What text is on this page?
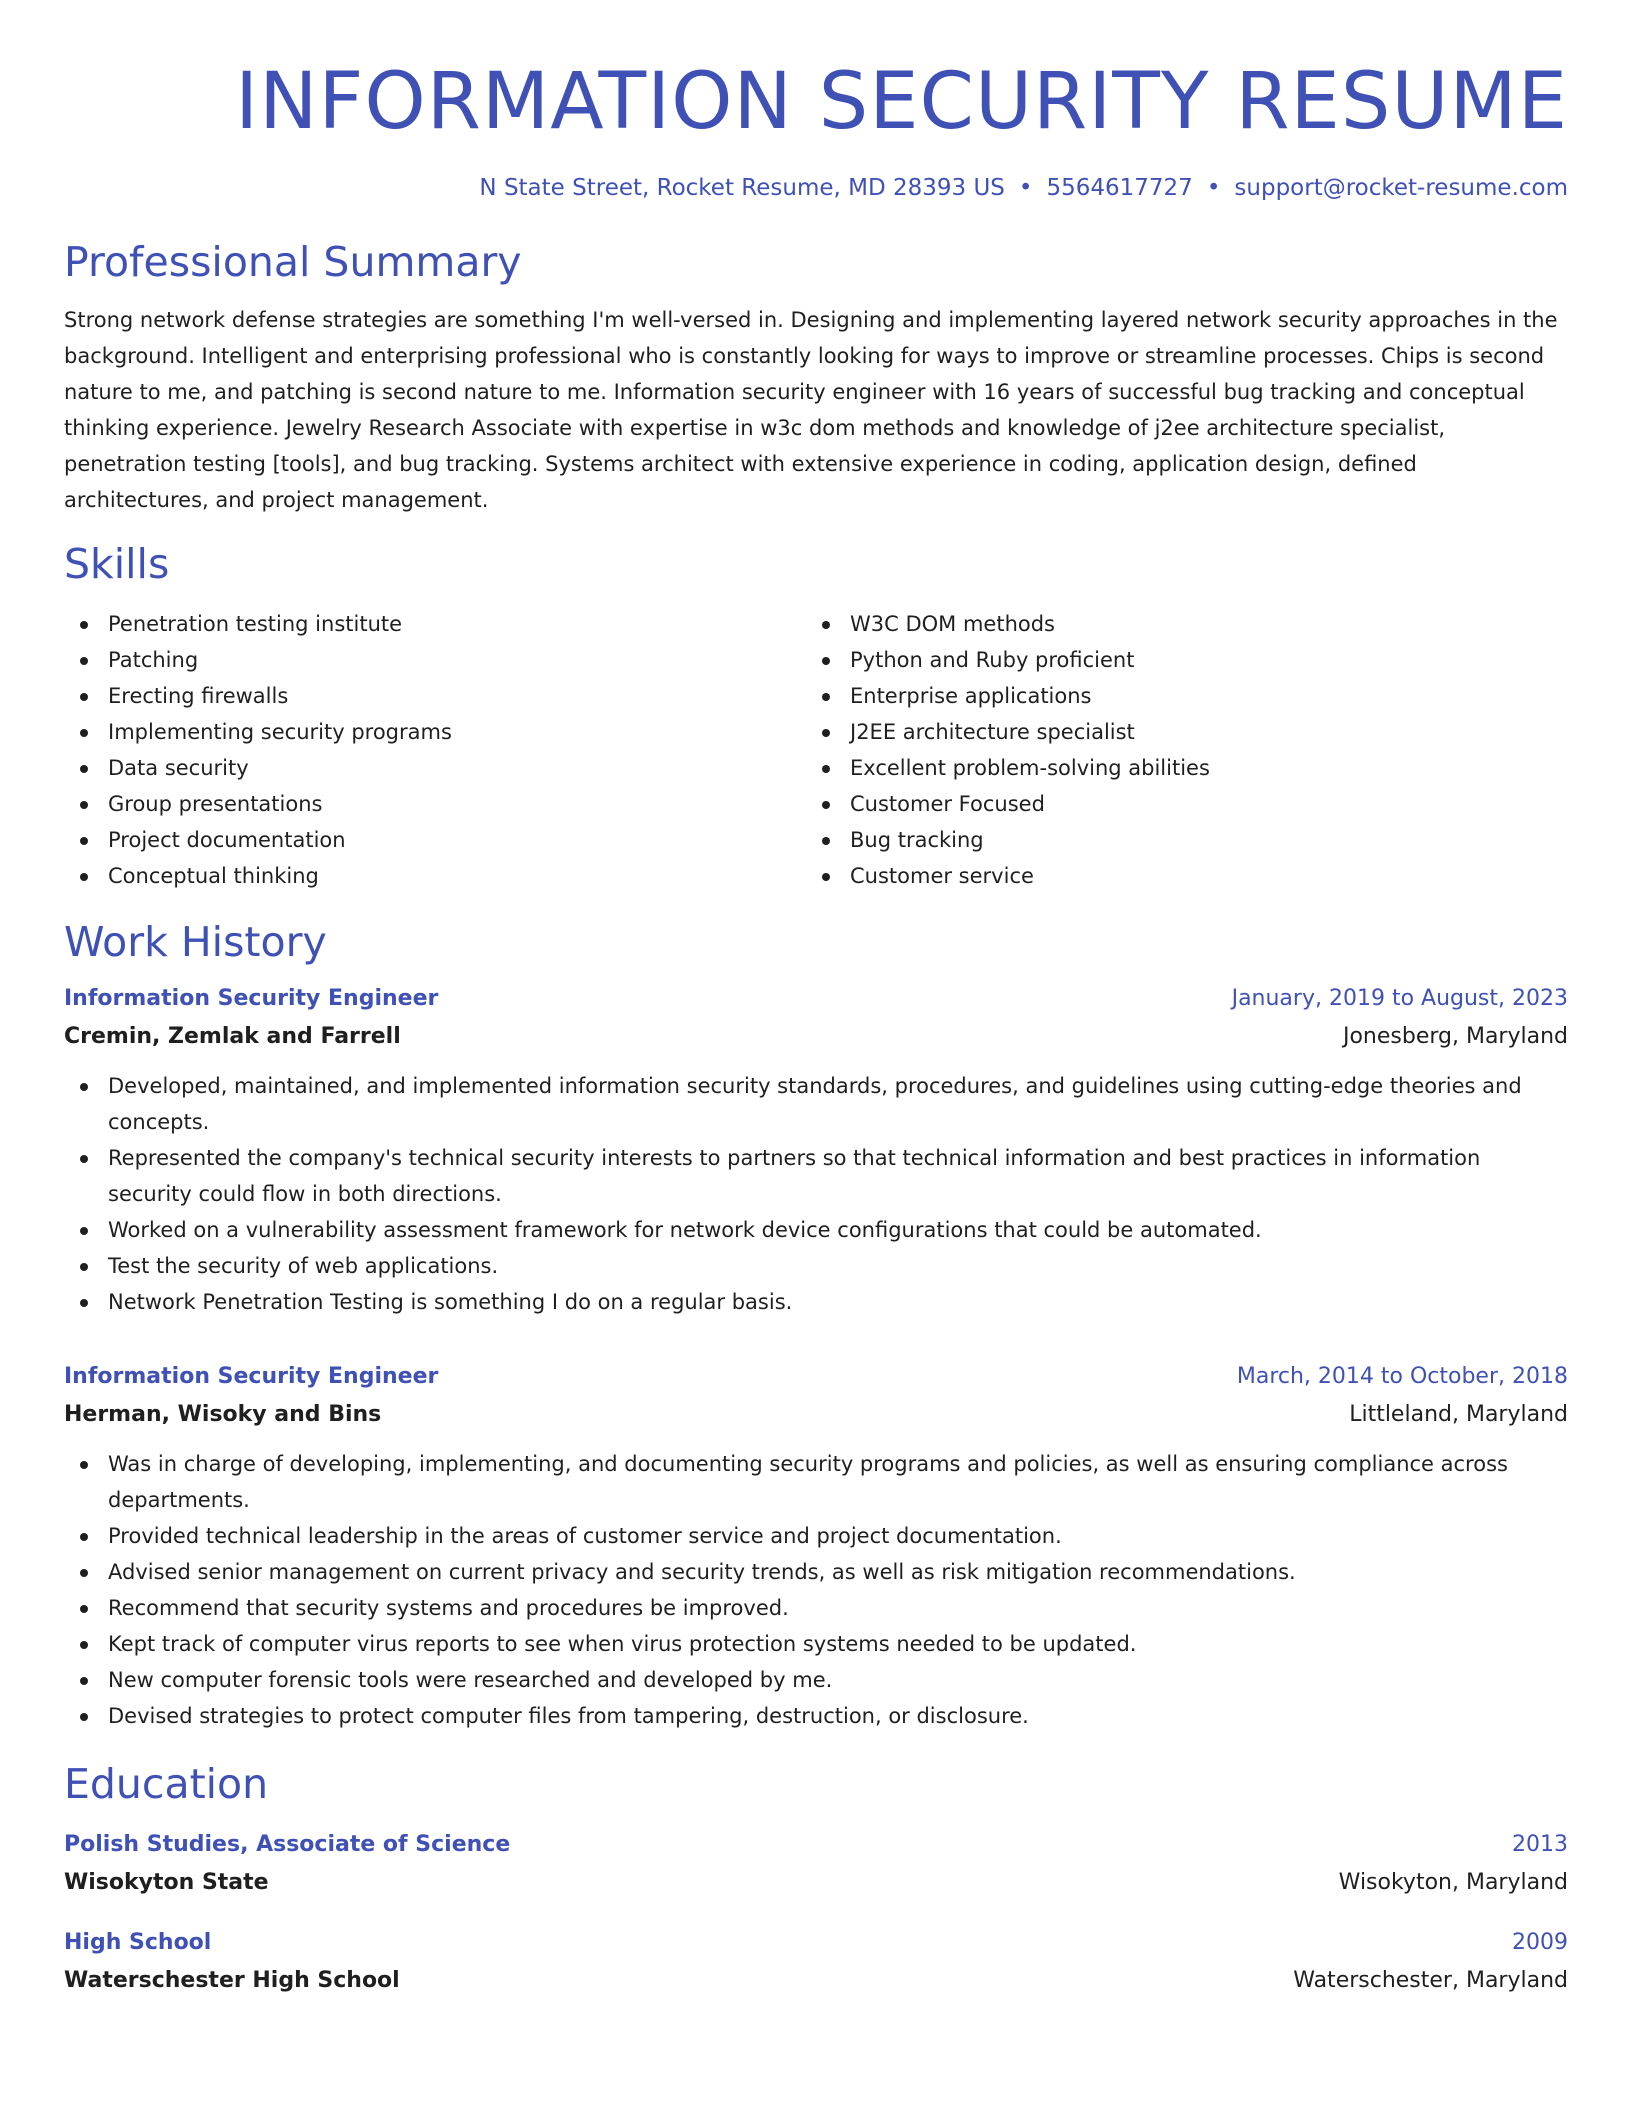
INFORMATION SECURITY RESUME
N State Street, Rocket Resume, MD 28393 US • 5564617727 • support@rocket-resume.com
Professional Summary

Strong network defense strategies are something I'm well-versed in. Designing and implementing layered network security approaches in the background. Intelligent and enterprising professional who is constantly looking for ways to improve or streamline processes. Chips is second nature to me, and patching is second nature to me. Information security engineer with 16 years of successful bug tracking and conceptual thinking experience. Jewelry Research Associate with expertise in w3c dom methods and knowledge of j2ee architecture specialist, penetration testing [tools], and bug tracking. Systems architect with extensive experience in coding, application design, defined architectures, and project management.

Skills
Penetration testing institute
Patching
Erecting firewalls
Implementing security programs
Data security
Group presentations
Project documentation
Conceptual thinking
W3C DOM methods
Python and Ruby proficient
Enterprise applications
J2EE architecture specialist
Excellent problem-solving abilities
Customer Focused
Bug tracking
Customer service
Work History
Information Security Engineer	January, 2019 to August, 2023
Cremin, Zemlak and Farrell	Jonesberg, Maryland
Developed, maintained, and implemented information security standards, procedures, and guidelines using cutting-edge theories and concepts.
Represented the company's technical security interests to partners so that technical information and best practices in information security could flow in both directions.
Worked on a vulnerability assessment framework for network device configurations that could be automated.
Test the security of web applications.
Network Penetration Testing is something I do on a regular basis.
Information Security Engineer	March, 2014 to October, 2018
Herman, Wisoky and Bins	Littleland, Maryland
Was in charge of developing, implementing, and documenting security programs and policies, as well as ensuring compliance across departments.
Provided technical leadership in the areas of customer service and project documentation.
Advised senior management on current privacy and security trends, as well as risk mitigation recommendations.
Recommend that security systems and procedures be improved.
Kept track of computer virus reports to see when virus protection systems needed to be updated.
New computer forensic tools were researched and developed by me.
Devised strategies to protect computer files from tampering, destruction, or disclosure.
Education
Polish Studies, Associate of Science	2013
Wisokyton State	Wisokyton, Maryland
High School	2009
Waterschester High School	Waterschester, Maryland
